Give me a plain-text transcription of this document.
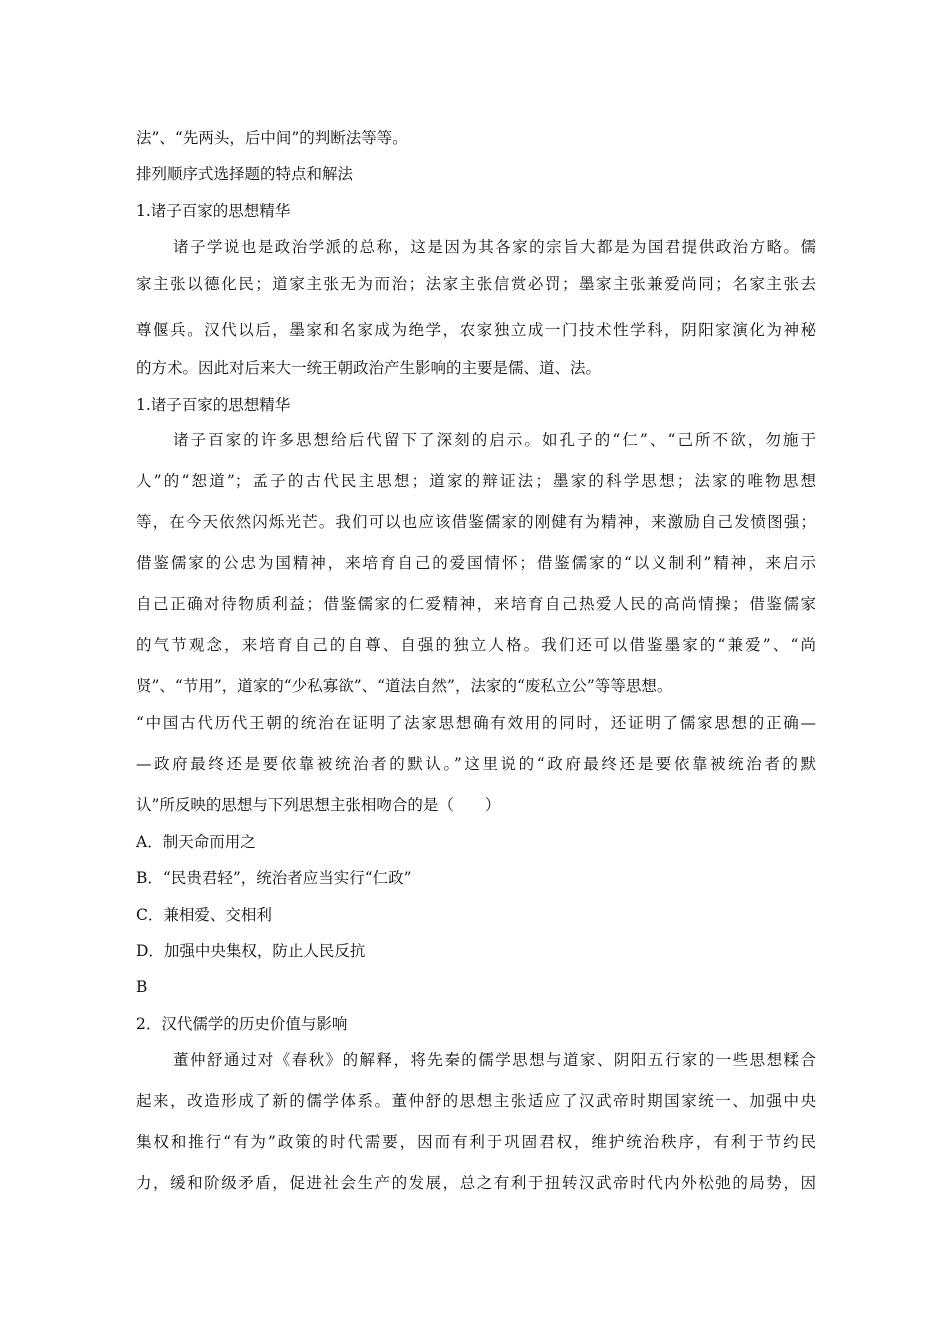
法”、“先两头，后中间”的判断法等等。
排列顺序式选择题的特点和解法
1.诸子百家的思想精华
诸子学说也是政治学派的总称，这是因为其各家的宗旨大都是为国君提供政治方略。儒
家主张以德化民；道家主张无为而治；法家主张信赏必罚；墨家主张兼爱尚同；名家主张去
尊偃兵。汉代以后，墨家和名家成为绝学，农家独立成一门技术性学科，阴阳家演化为神秘
的方术。因此对后来大一统王朝政治产生影响的主要是儒、道、法。
1.诸子百家的思想精华
诸子百家的许多思想给后代留下了深刻的启示。如孔子的“仁”、“己所不欲，勿施于
人”的“恕道”；孟子的古代民主思想；道家的辩证法；墨家的科学思想；法家的唯物思想
等，在今天依然闪烁光芒。我们可以也应该借鉴儒家的刚健有为精神，来激励自己发愤图强；
借鉴儒家的公忠为国精神，来培育自己的爱国情怀；借鉴儒家的“以义制利”精神，来启示
自己正确对待物质利益；借鉴儒家的仁爱精神，来培育自己热爱人民的高尚情操；借鉴儒家
的气节观念，来培育自己的自尊、自强的独立人格。我们还可以借鉴墨家的“兼爱”、“尚
贤”、“节用”，道家的“少私寡欲”、“道法自然”，法家的“废私立公”等等思想。
“中国古代历代王朝的统治在证明了法家思想确有效用的同时，还证明了儒家思想的正确—
—政府最终还是要依靠被统治者的默认。”这里说的“政府最终还是要依靠被统治者的默
认”所反映的思想与下列思想主张相吻合的是（　　）
A．制天命而用之
B．“民贵君轻”，统治者应当实行“仁政”
C．兼相爱、交相利
D．加强中央集权，防止人民反抗
B
2．汉代儒学的历史价值与影响
董仲舒通过对《春秋》的解释，将先秦的儒学思想与道家、阴阳五行家的一些思想糅合
起来，改造形成了新的儒学体系。董仲舒的思想主张适应了汉武帝时期国家统一、加强中央
集权和推行“有为”政策的时代需要，因而有利于巩固君权，维护统治秩序，有利于节约民
力，缓和阶级矛盾，促进社会生产的发展，总之有利于扭转汉武帝时代内外松弛的局势，因
